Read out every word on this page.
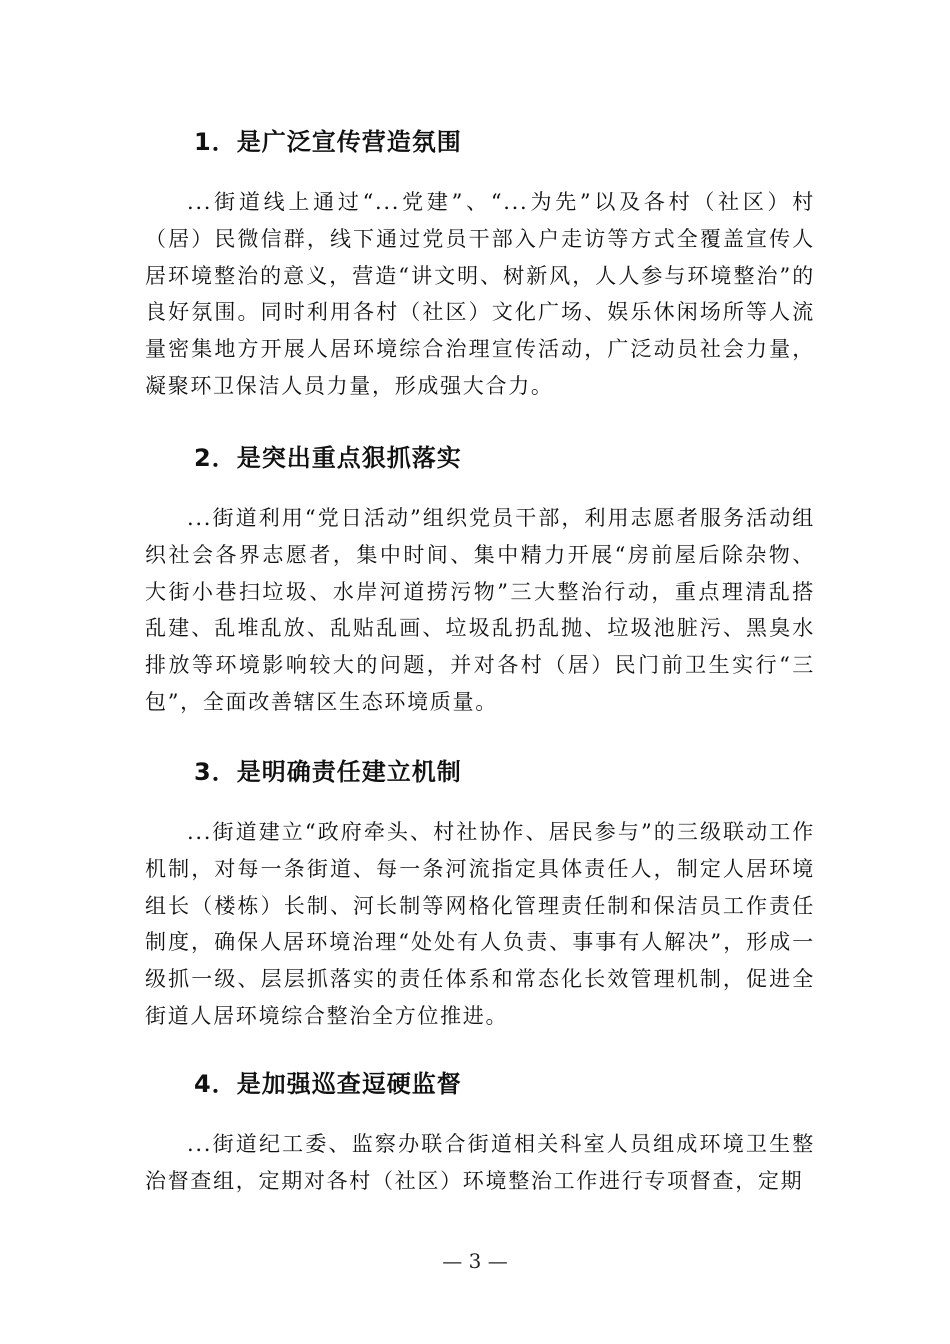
1．是广泛宣传营造氛围

...街道线上通过“...党建”、“...为先”以及各村（社区）村（居）民微信群，线下通过党员干部入户走访等方式全覆盖宣传人居环境整治的意义，营造“讲文明、树新风，人人参与环境整治”的良好氛围。同时利用各村（社区）文化广场、娱乐休闲场所等人流量密集地方开展人居环境综合治理宣传活动，广泛动员社会力量，凝聚环卫保洁人员力量，形成强大合力。

2．是突出重点狠抓落实

...街道利用“党日活动”组织党员干部，利用志愿者服务活动组织社会各界志愿者，集中时间、集中精力开展“房前屋后除杂物、大街小巷扫垃圾、水岸河道捞污物”三大整治行动，重点理清乱搭乱建、乱堆乱放、乱贴乱画、垃圾乱扔乱抛、垃圾池脏污、黑臭水排放等环境影响较大的问题，并对各村（居）民门前卫生实行“三包”，全面改善辖区生态环境质量。

3．是明确责任建立机制

...街道建立“政府牵头、村社协作、居民参与”的三级联动工作机制，对每一条街道、每一条河流指定具体责任人，制定人居环境组长（楼栋）长制、河长制等网格化管理责任制和保洁员工作责任制度，确保人居环境治理“处处有人负责、事事有人解决”，形成一级抓一级、层层抓落实的责任体系和常态化长效管理机制，促进全街道人居环境综合整治全方位推进。

4．是加强巡查逗硬监督

...街道纪工委、监察办联合街道相关科室人员组成环境卫生整治督查组，定期对各村（社区）环境整治工作进行专项督查，定期

— 3 —
